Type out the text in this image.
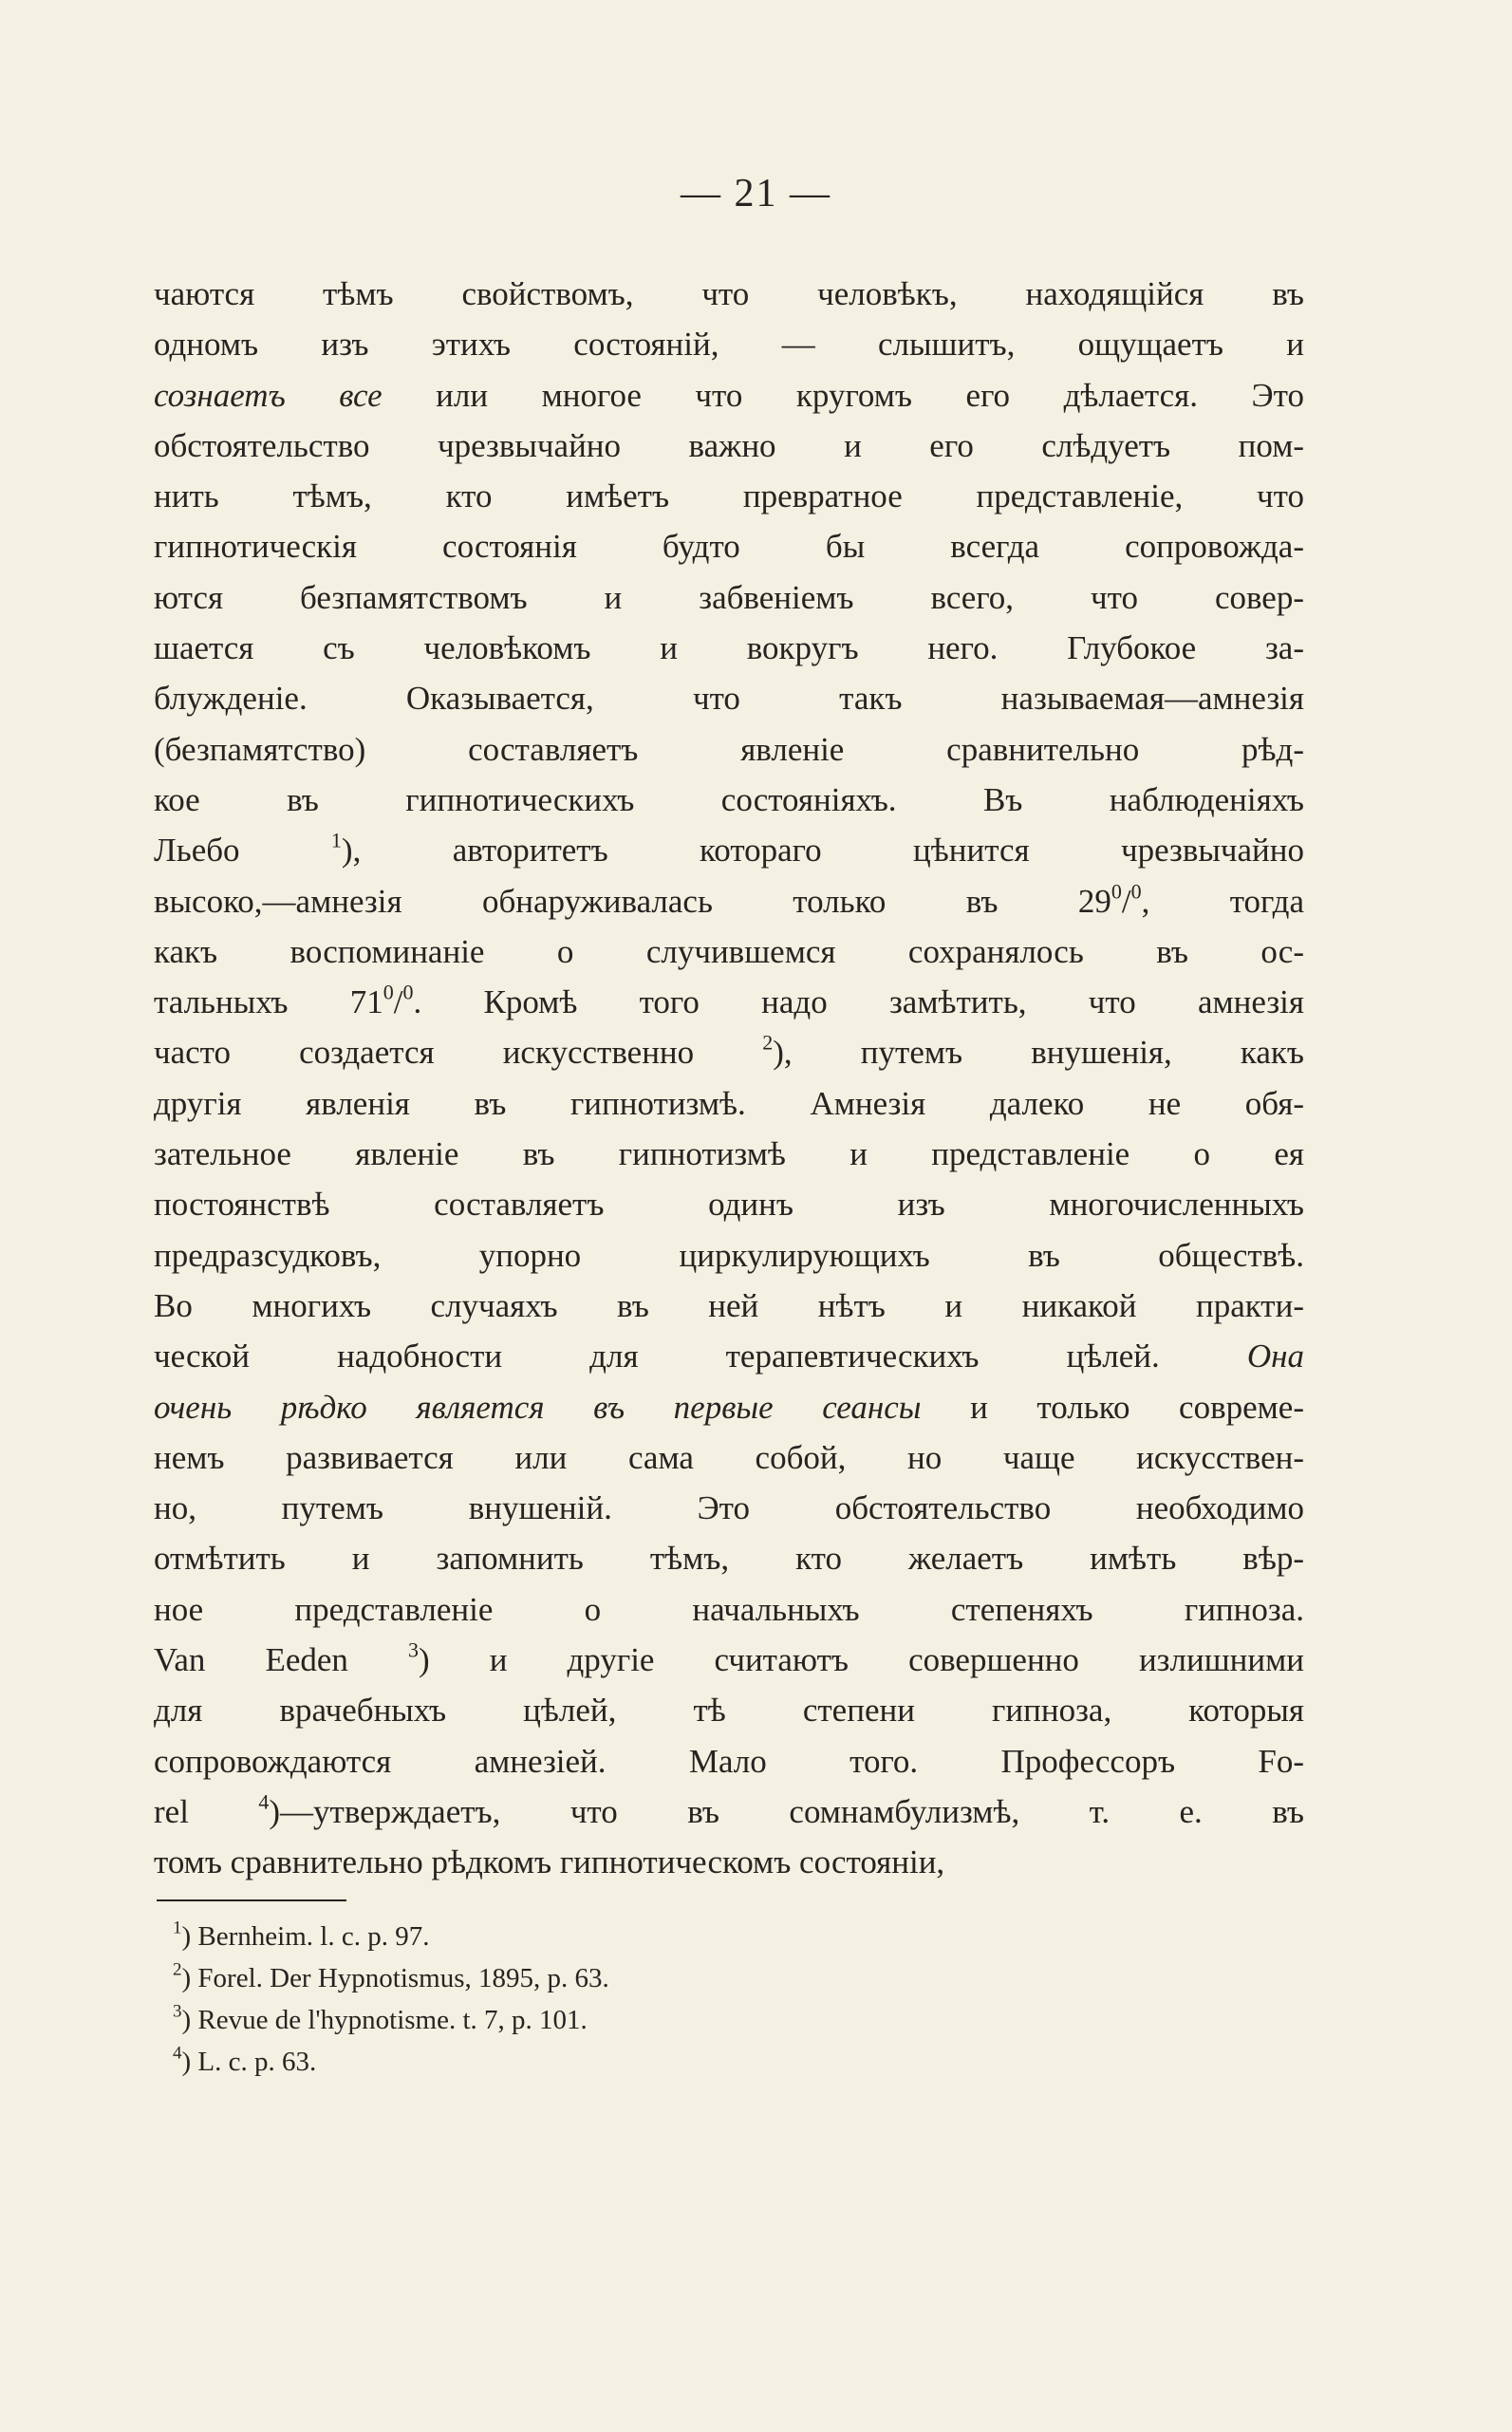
— 21 —
чаются тѣмъ свойствомъ, что человѣкъ, находящійся въ
одномъ изъ этихъ состояній, — слышитъ, ощущаетъ и
сознаетъ все или многое что кругомъ его дѣлается. Это
обстоятельство чрезвычайно важно и его слѣдуетъ пом-
нить тѣмъ, кто имѣетъ превратное представленіе, что
гипнотическія состоянія будто бы всегда сопровожда-
ются безпамятствомъ и забвеніемъ всего, что совер-
шается съ человѣкомъ и вокругъ него. Глубокое за-
блужденіе. Оказывается, что такъ называемая—амнезія
(безпамятство) составляетъ явленіе сравнительно рѣд-
кое въ гипнотическихъ состояніяхъ. Въ наблюденіяхъ
Льебо $^1$), авторитетъ котораго цѣнится чрезвычайно
высоко,—амнезія обнаруживалась только въ $29^0/^0$, тогда
какъ воспоминаніе о случившемся сохранялось въ ос-
тальныхъ $71^0/^0$. Кромѣ того надо замѣтить, что амнезія
часто создается искусственно $^2$), путемъ внушенія, какъ
другія явленія въ гипнотизмѣ. Амнезія далеко не обя-
зательное явленіе въ гипнотизмѣ и представленіе о ея
постоянствѣ составляетъ одинъ изъ многочисленныхъ
предразсудковъ, упорно циркулирующихъ въ обществѣ.
Во многихъ случаяхъ въ ней нѣтъ и никакой практи-
ческой надобности для терапевтическихъ цѣлей. Она
очень рѣдко является въ первые сеансы и только совреме-
немъ развивается или сама собой, но чаще искусствен-
но, путемъ внушеній. Это обстоятельство необходимо
отмѣтить и запомнить тѣмъ, кто желаетъ имѣть вѣр-
ное представленіе о начальныхъ степеняхъ гипноза.
Van Eeden $^3$) и другіе считаютъ совершенно излишними
для врачебныхъ цѣлей, тѣ степени гипноза, которыя
сопровождаются амнезіей. Мало того. Профессоръ Fo-
rel $^4$)—утверждаетъ, что въ сомнамбулизмѣ, т. е. въ
томъ сравнительно рѣдкомъ гипнотическомъ состояніи,
$^1$) Bernheim. l. c. p. 97.
$^2$) Forel. Der Hypnotismus, 1895, p. 63.
$^3$) Revue de l'hypnotisme. t. 7, p. 101.
$^4$) L. c. p. 63.
